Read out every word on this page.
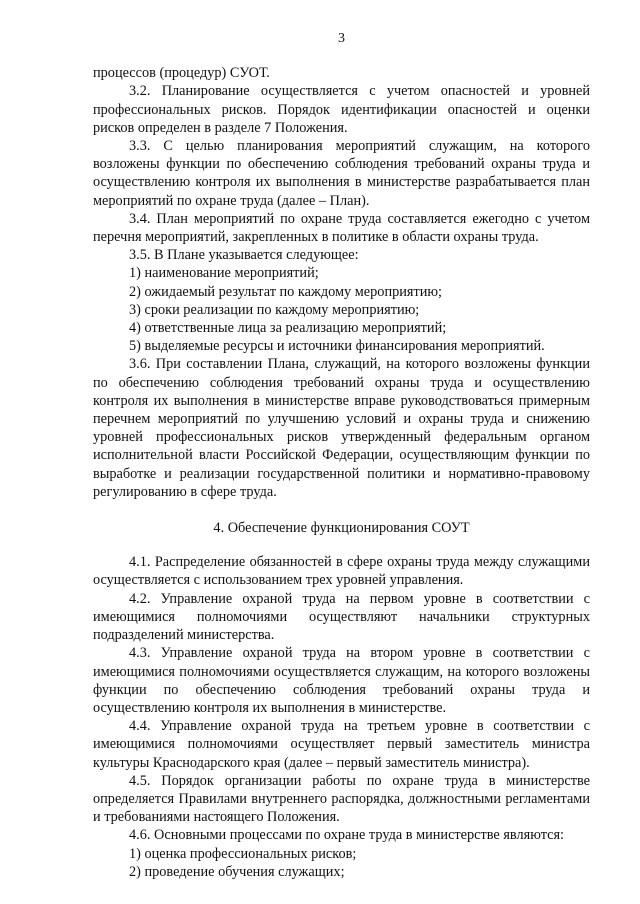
3

процессов (процедур) СУОТ.

3.2. Планирование осуществляется с учетом опасностей и уровней профессиональных рисков. Порядок идентификации опасностей и оценки рисков определен в разделе 7 Положения.

3.3. С целью планирования мероприятий служащим, на которого возложены функции по обеспечению соблюдения требований охраны труда и осуществлению контроля их выполнения в министерстве разрабатывается план мероприятий по охране труда (далее – План).

3.4. План мероприятий по охране труда составляется ежегодно с учетом перечня мероприятий, закрепленных в политике в области охраны труда.

3.5. В Плане указывается следующее:

1) наименование мероприятий;

2) ожидаемый результат по каждому мероприятию;

3) сроки реализации по каждому мероприятию;

4) ответственные лица за реализацию мероприятий;

5) выделяемые ресурсы и источники финансирования мероприятий.

3.6. При составлении Плана, служащий, на которого возложены функции по обеспечению соблюдения требований охраны труда и осуществлению контроля их выполнения в министерстве вправе руководствоваться примерным перечнем мероприятий по улучшению условий и охраны труда и снижению уровней профессиональных рисков утвержденный федеральным органом исполнительной власти Российской Федерации, осуществляющим функции по выработке и реализации государственной политики и нормативно-правовому регулированию в сфере труда.

4. Обеспечение функционирования СОУТ

4.1. Распределение обязанностей в сфере охраны труда между служащими осуществляется с использованием трех уровней управления.

4.2. Управление охраной труда на первом уровне в соответствии с имеющимися полномочиями осуществляют начальники структурных подразделений министерства.

4.3. Управление охраной труда на втором уровне в соответствии с имеющимися полномочиями осуществляется служащим, на которого возложены функции по обеспечению соблюдения требований охраны труда и осуществлению контроля их выполнения в министерстве.

4.4. Управление охраной труда на третьем уровне в соответствии с имеющимися полномочиями осуществляет первый заместитель министра культуры Краснодарского края (далее – первый заместитель министра).

4.5. Порядок организации работы по охране труда в министерстве определяется Правилами внутреннего распорядка, должностными регламентами и требованиями настоящего Положения.

4.6. Основными процессами по охране труда в министерстве являются:

1) оценка профессиональных рисков;

2) проведение обучения служащих;
